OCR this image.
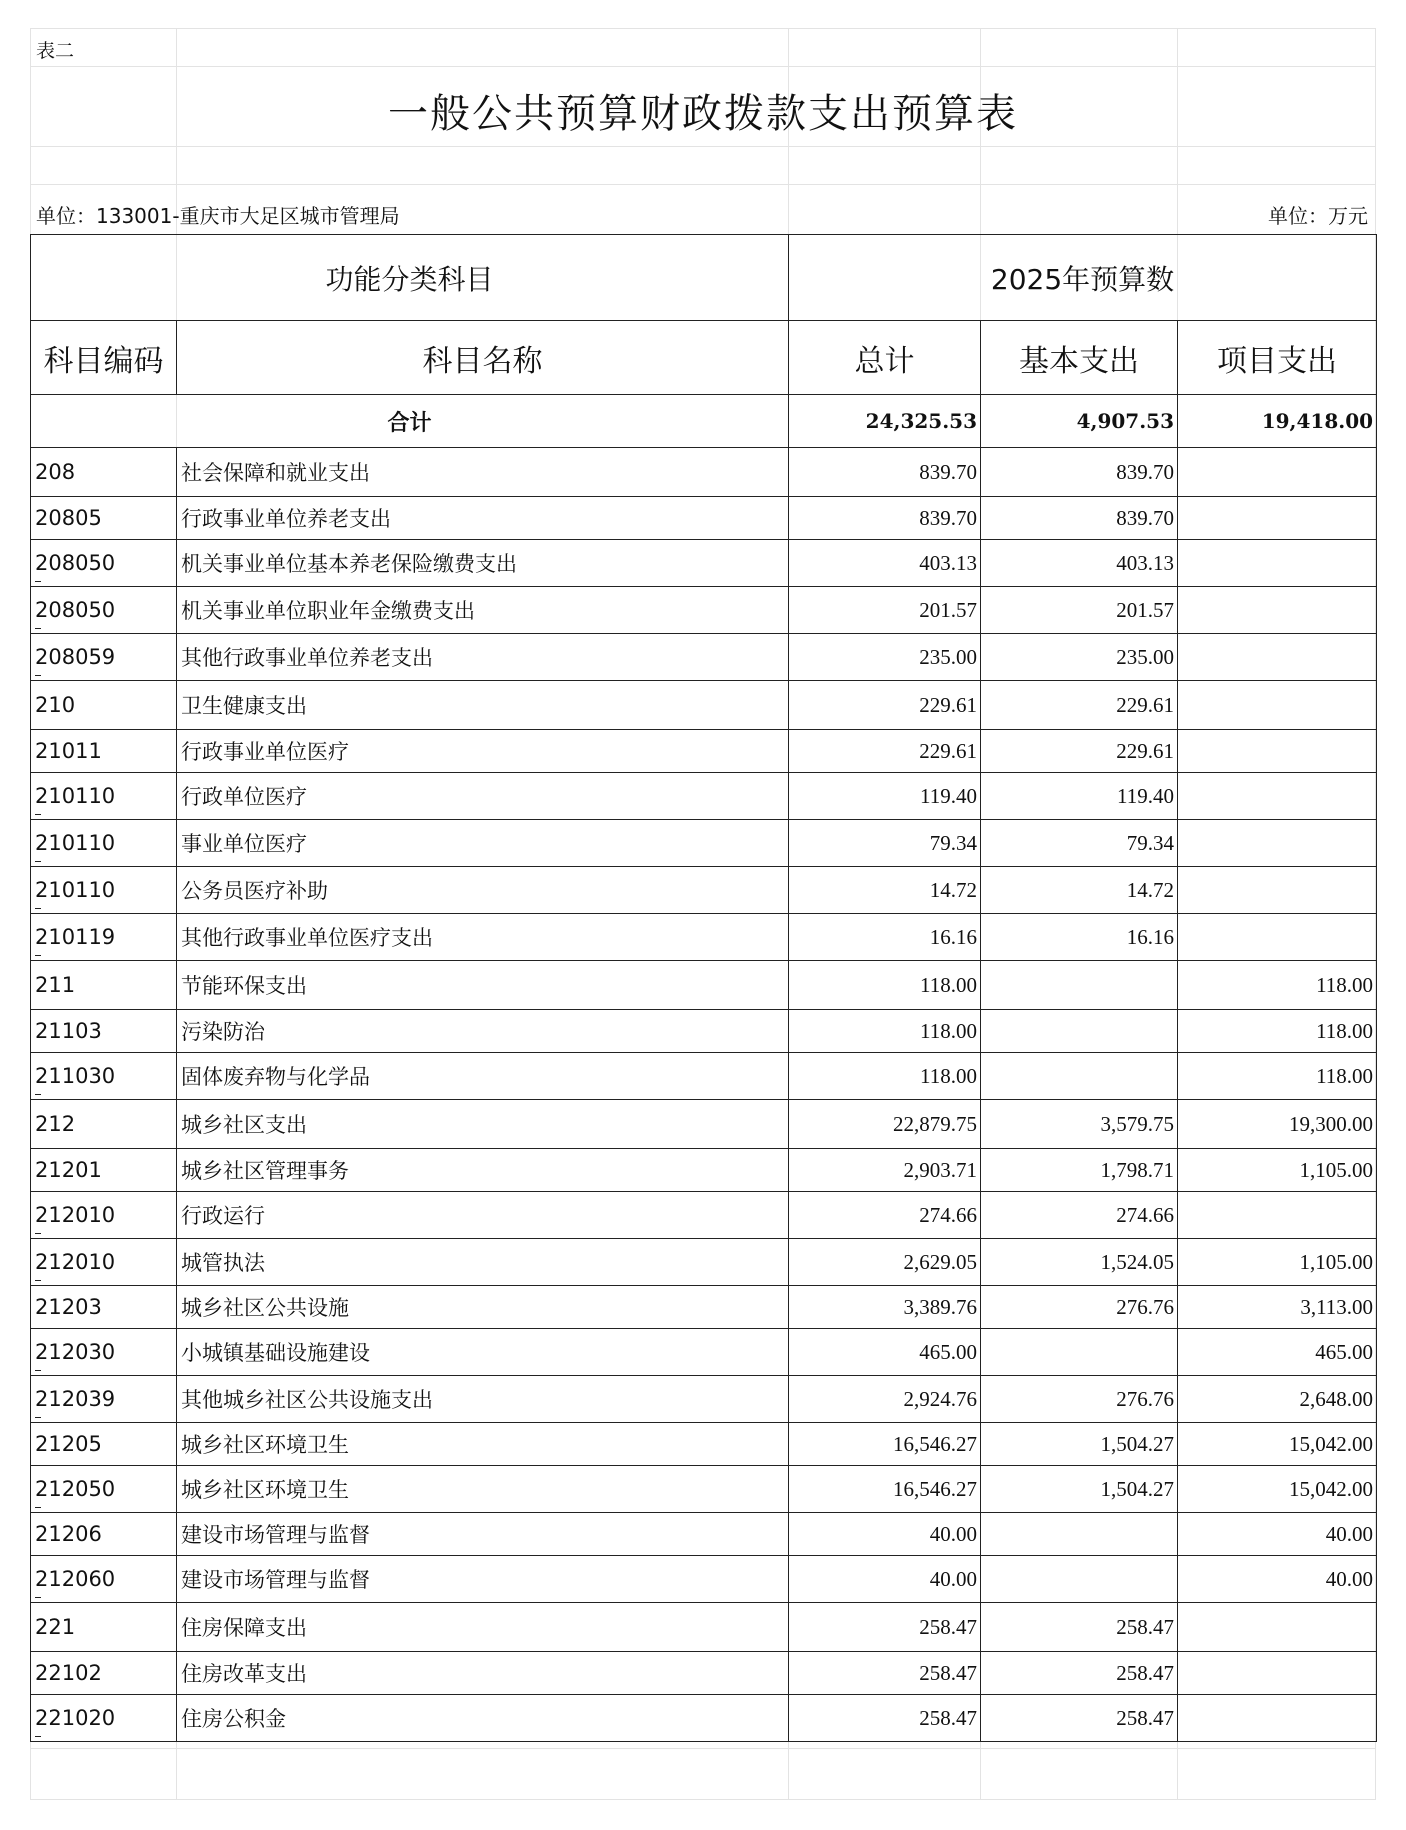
表二
一般公共预算财政拨款支出预算表
单位：133001-重庆市大足区城市管理局	单位：万元
功能分类科目		2025年预算数		
科目编码	科目名称	总计	基本支出	项目支出
合计		24,325.53	4,907.53	19,418.00
208	社会保障和就业支出	839.70	839.70	
20805	行政事业单位养老支出	839.70	839.70	
208050	机关事业单位基本养老保险缴费支出	403.13	403.13	
208050	机关事业单位职业年金缴费支出	201.57	201.57	
208059	其他行政事业单位养老支出	235.00	235.00	
210	卫生健康支出	229.61	229.61	
21011	行政事业单位医疗	229.61	229.61	
210110	行政单位医疗	119.40	119.40	
210110	事业单位医疗	79.34	79.34	
210110	公务员医疗补助	14.72	14.72	
210119	其他行政事业单位医疗支出	16.16	16.16	
211	节能环保支出	118.00		118.00
21103	污染防治	118.00		118.00
211030	固体废弃物与化学品	118.00		118.00
212	城乡社区支出	22,879.75	3,579.75	19,300.00
21201	城乡社区管理事务	2,903.71	1,798.71	1,105.00
212010	行政运行	274.66	274.66	
212010	城管执法	2,629.05	1,524.05	1,105.00
21203	城乡社区公共设施	3,389.76	276.76	3,113.00
212030	小城镇基础设施建设	465.00		465.00
212039	其他城乡社区公共设施支出	2,924.76	276.76	2,648.00
21205	城乡社区环境卫生	16,546.27	1,504.27	15,042.00
212050	城乡社区环境卫生	16,546.27	1,504.27	15,042.00
21206	建设市场管理与监督	40.00		40.00
212060	建设市场管理与监督	40.00		40.00
221	住房保障支出	258.47	258.47	
22102	住房改革支出	258.47	258.47	
221020	住房公积金	258.47	258.47	
